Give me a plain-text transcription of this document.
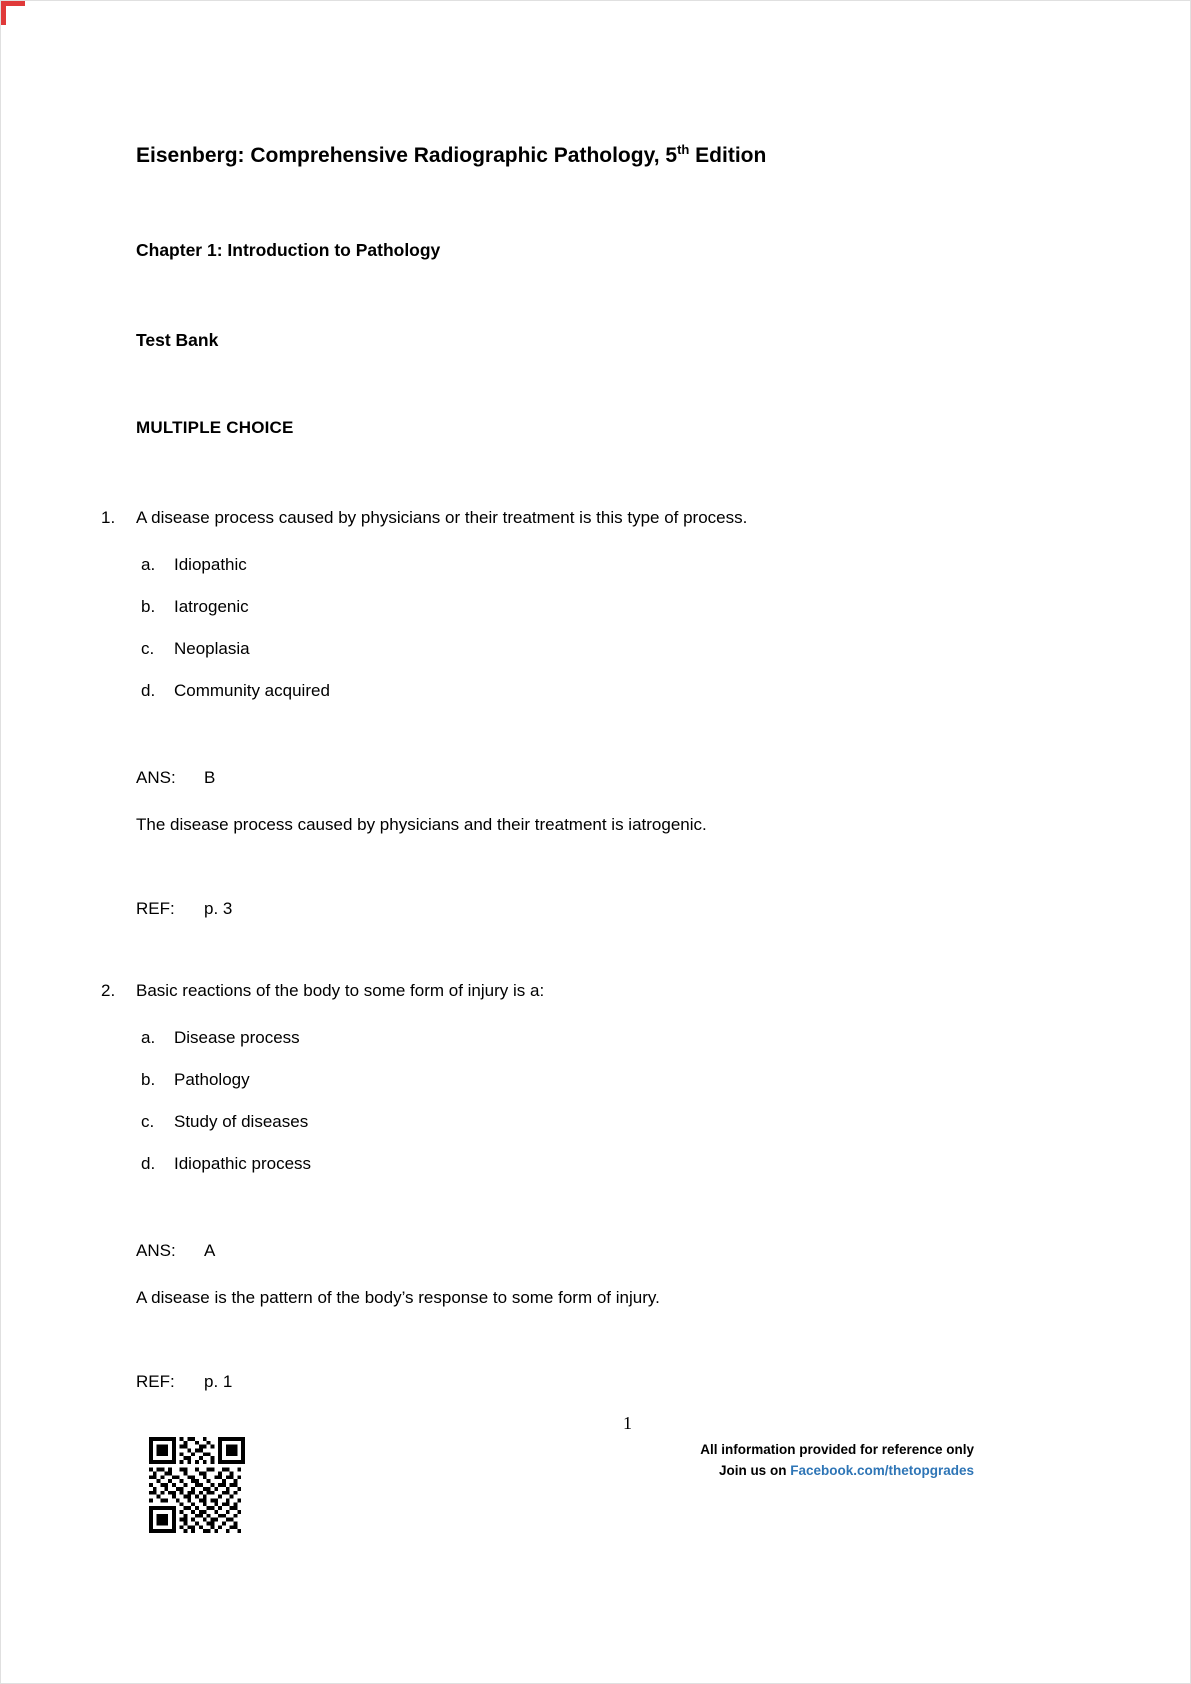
Eisenberg: Comprehensive Radiographic Pathology, 5th Edition
Chapter 1: Introduction to Pathology
Test Bank
MULTIPLE CHOICE
1.	A disease process caused by physicians or their treatment is this type of process.
a.	Idiopathic
b.	Iatrogenic
c.	Neoplasia
d.	Community acquired
ANS: B
The disease process caused by physicians and their treatment is iatrogenic.
REF: p. 3
2.	Basic reactions of the body to some form of injury is a:
a.	Disease process
b.	Pathology
c.	Study of diseases
d.	Idiopathic process
ANS: A
A disease is the pattern of the body’s response to some form of injury.
REF: p. 1
1
All information provided for reference only
Join us on Facebook.com/thetopgrades
